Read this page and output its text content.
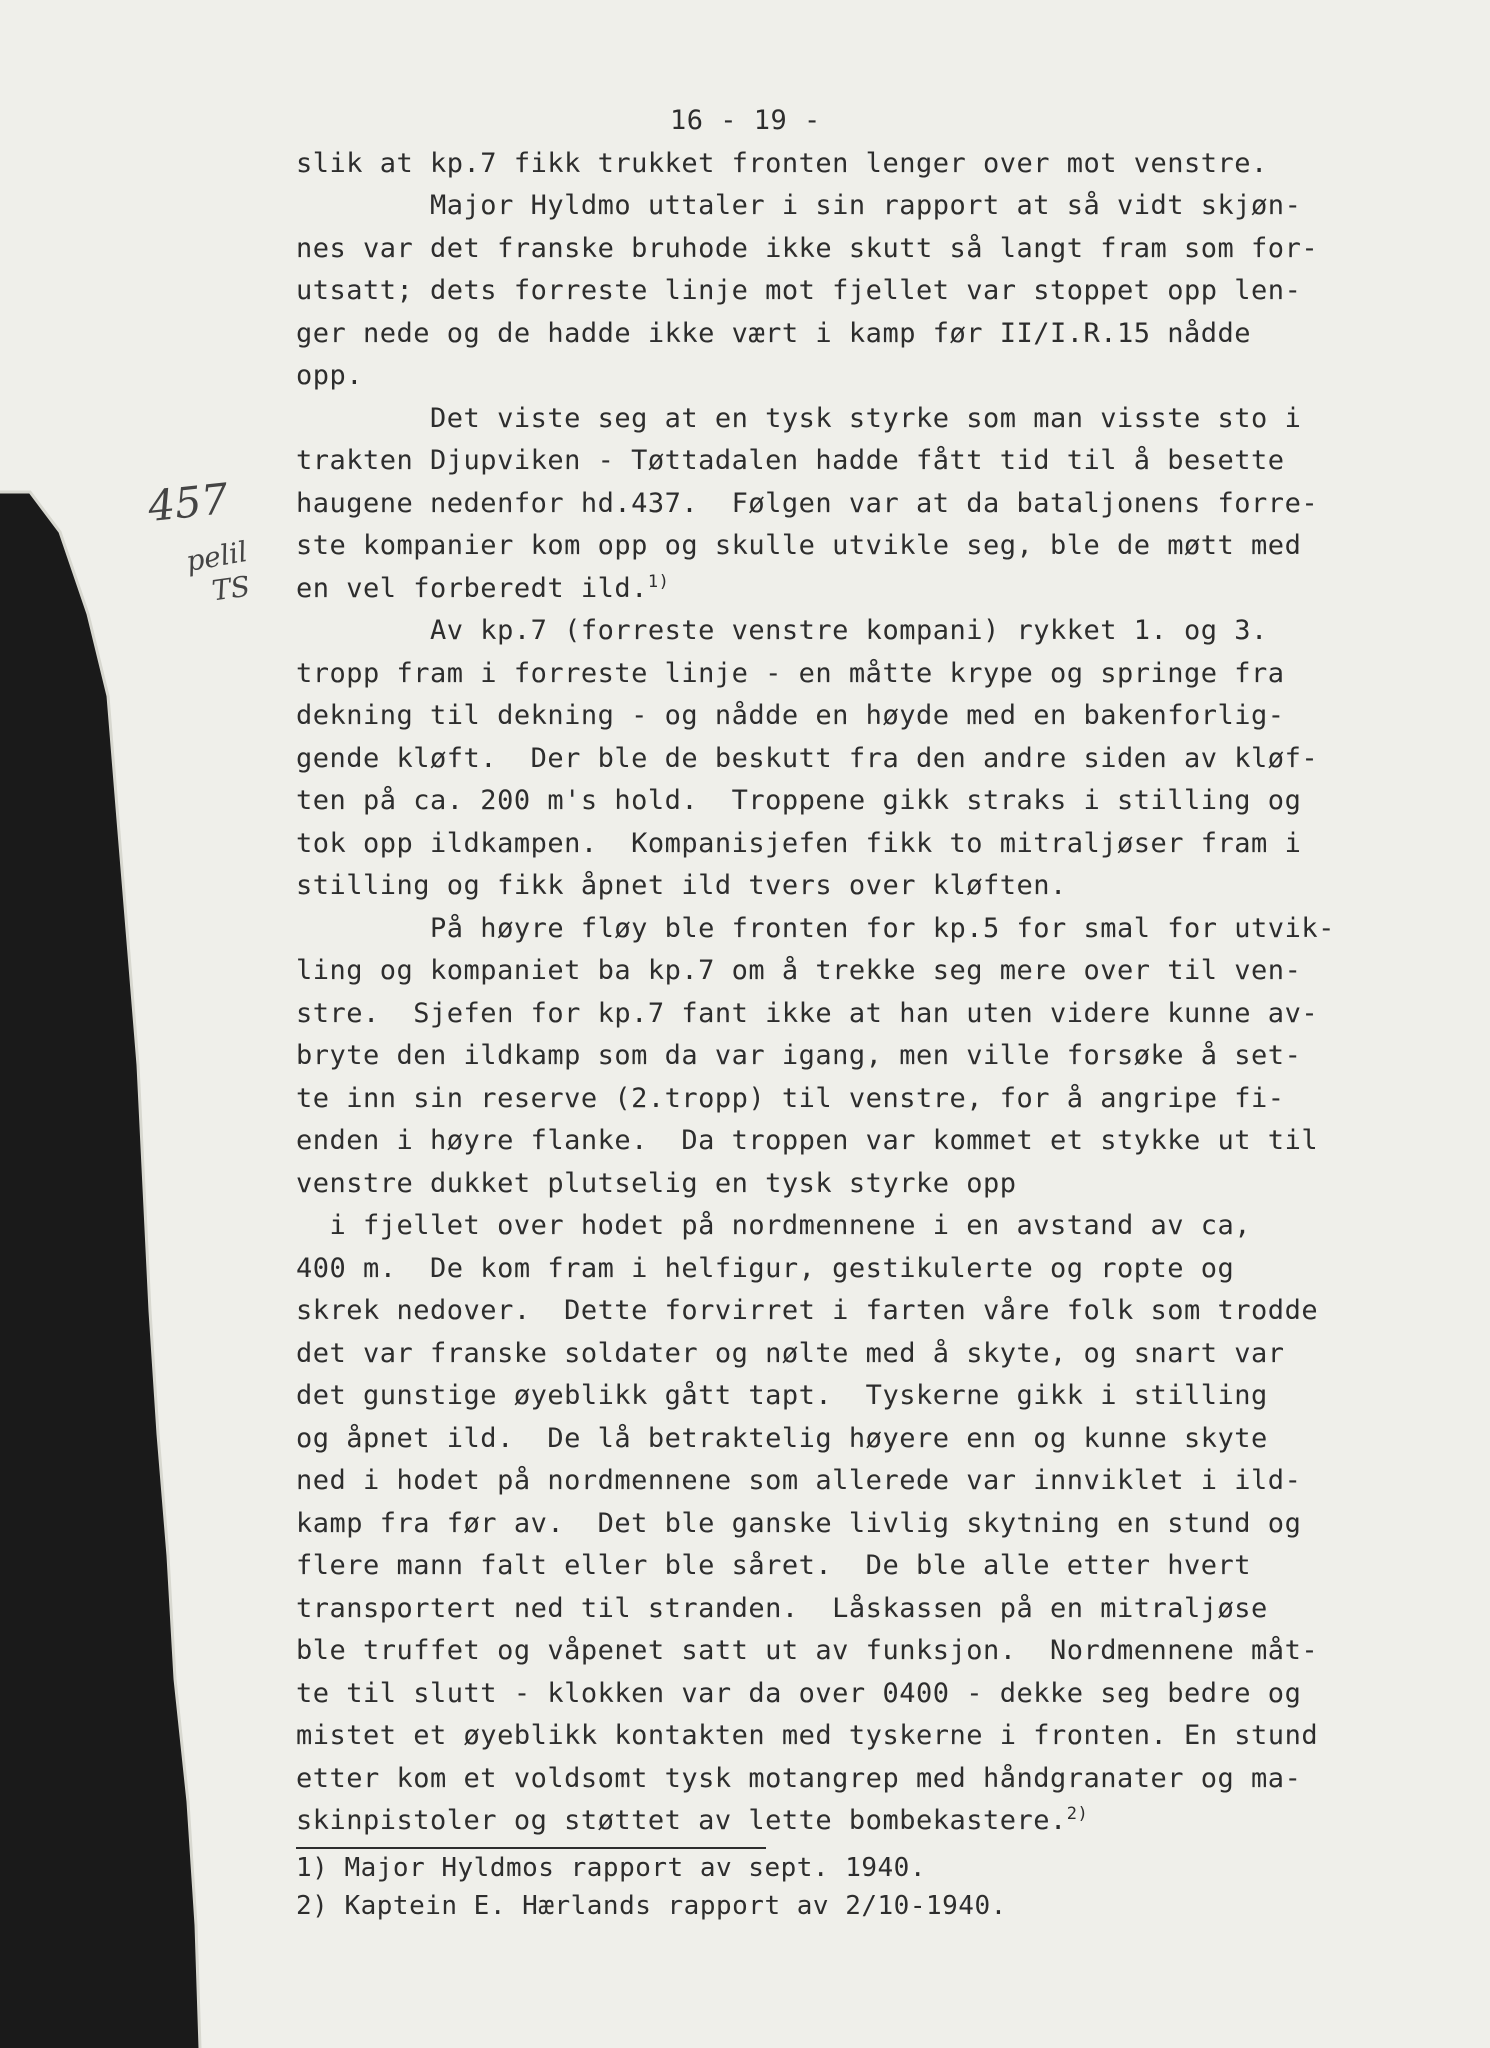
457
pelil
TS
16 - 19 -
slik at kp.7 fikk trukket fronten lenger over mot venstre.
Major Hyldmo uttaler i sin rapport at så vidt skjøn-
nes var det franske bruhode ikke skutt så langt fram som for-
utsatt; dets forreste linje mot fjellet var stoppet opp len-
ger nede og de hadde ikke vært i kamp før II/I.R.15 nådde
opp.
Det viste seg at en tysk styrke som man visste sto i
trakten Djupviken - Tøttadalen hadde fått tid til å besette
haugene nedenfor hd.437.  Følgen var at da bataljonens forre-
ste kompanier kom opp og skulle utvikle seg, ble de møtt med
en vel forberedt ild.$^{1)}$
Av kp.7 (forreste venstre kompani) rykket 1. og 3.
tropp fram i forreste linje - en måtte krype og springe fra
dekning til dekning - og nådde en høyde med en bakenforlig-
gende kløft.  Der ble de beskutt fra den andre siden av kløf-
ten på ca. 200 m's hold.  Troppene gikk straks i stilling og
tok opp ildkampen.  Kompanisjefen fikk to mitraljøser fram i
stilling og fikk åpnet ild tvers over kløften.
På høyre fløy ble fronten for kp.5 for smal for utvik-
ling og kompaniet ba kp.7 om å trekke seg mere over til ven-
stre.  Sjefen for kp.7 fant ikke at han uten videre kunne av-
bryte den ildkamp som da var igang, men ville forsøke å set-
te inn sin reserve (2.tropp) til venstre, for å angripe fi-
enden i høyre flanke.  Da troppen var kommet et stykke ut til
venstre dukket plutselig en tysk styrke opp
i fjellet over hodet på nordmennene i en avstand av ca,
400 m.  De kom fram i helfigur, gestikulerte og ropte og
skrek nedover.  Dette forvirret i farten våre folk som trodde
det var franske soldater og nølte med å skyte, og snart var
det gunstige øyeblikk gått tapt.  Tyskerne gikk i stilling
og åpnet ild.  De lå betraktelig høyere enn og kunne skyte
ned i hodet på nordmennene som allerede var innviklet i ild-
kamp fra før av.  Det ble ganske livlig skytning en stund og
flere mann falt eller ble såret.  De ble alle etter hvert
transportert ned til stranden.  Låskassen på en mitraljøse
ble truffet og våpenet satt ut av funksjon.  Nordmennene måt-
te til slutt - klokken var da over 0400 - dekke seg bedre og
mistet et øyeblikk kontakten med tyskerne i fronten. En stund
etter kom et voldsomt tysk motangrep med håndgranater og ma-
skinpistoler og støttet av lette bombekastere.$^{2)}$
1) Major Hyldmos rapport av sept. 1940.
2) Kaptein E. Hærlands rapport av 2/10-1940.
